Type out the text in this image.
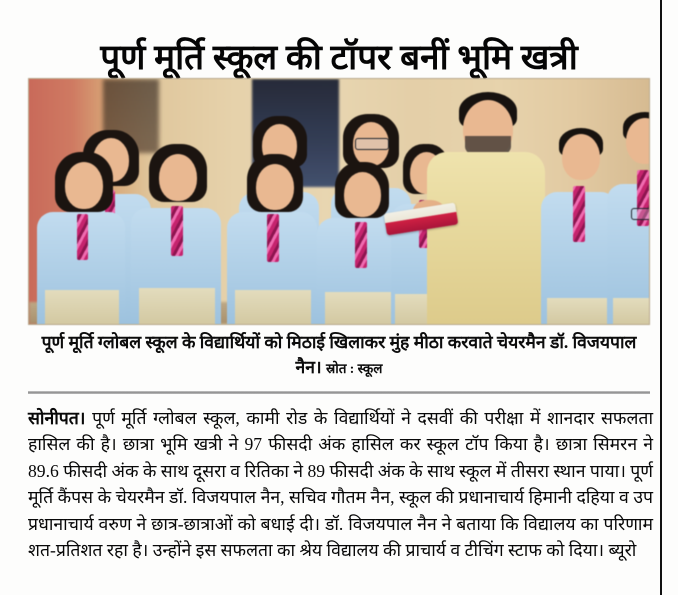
पूर्ण मूर्ति स्कूल की टॉपर बनीं भूमि खत्री
पूर्ण मूर्ति ग्लोबल स्कूल के विद्यार्थियों को मिठाई खिलाकर मुंह मीठा करवाते चेयरमैन डॉ. विजयपाल नैन। स्रोत : स्कूल

सोनीपत। पूर्ण मूर्ति ग्लोबल स्कूल, कामी रोड के विद्यार्थियों ने दसवीं की परीक्षा में शानदार सफलता हासिल की है। छात्रा भूमि खत्री ने 97 फीसदी अंक हासिल कर स्कूल टॉप किया है। छात्रा सिमरन ने 89.6 फीसदी अंक के साथ दूसरा व रितिका ने 89 फीसदी अंक के साथ स्कूल में तीसरा स्थान पाया। पूर्ण मूर्ति कैंपस के चेयरमैन डॉ. विजयपाल नैन, सचिव गौतम नैन, स्कूल की प्रधानाचार्य हिमानी दहिया व उप प्रधानाचार्य वरुण ने छात्र-छात्राओं को बधाई दी। डॉ. विजयपाल नैन ने बताया कि विद्यालय का परिणाम शत-प्रतिशत रहा है। उन्होंने इस सफलता का श्रेय विद्यालय की प्राचार्य व टीचिंग स्टाफ को दिया। ब्यूरो
